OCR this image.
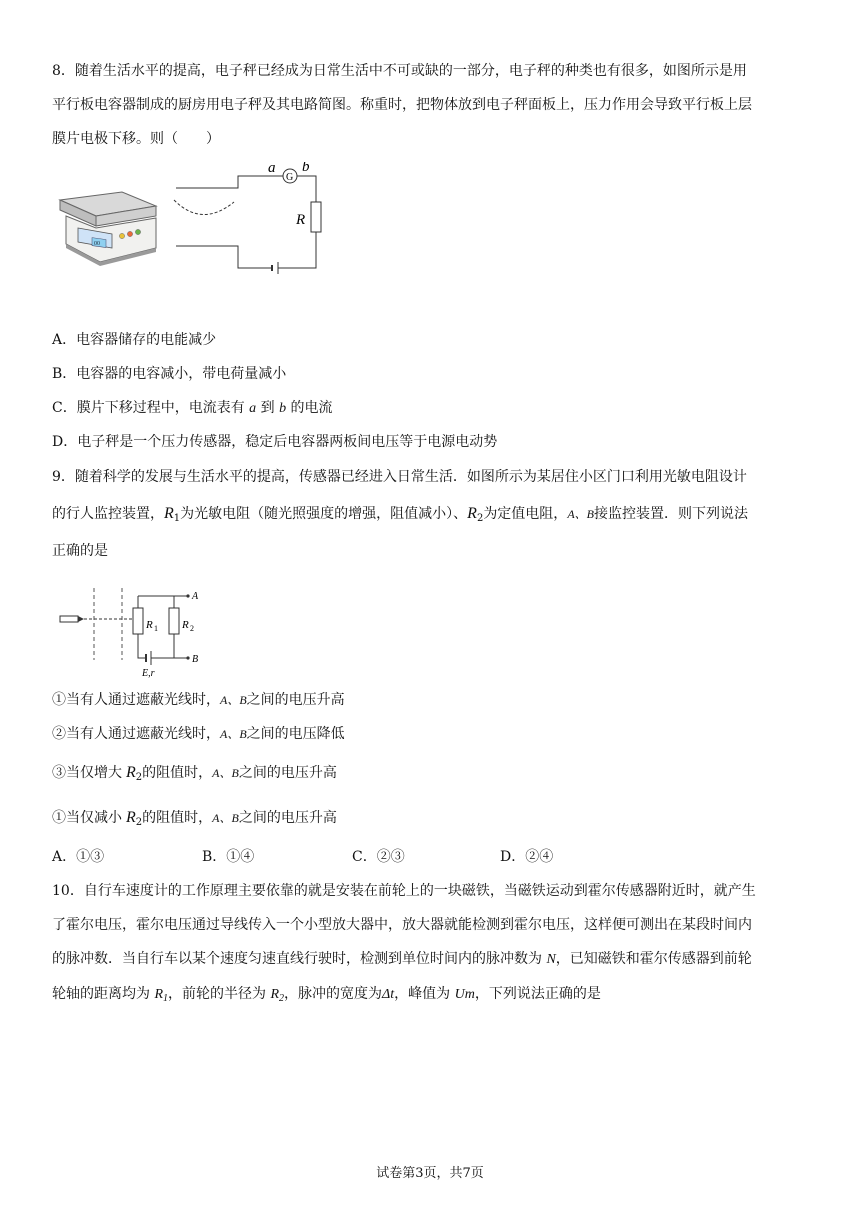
8．随着生活水平的提高，电子秤已经成为日常生活中不可或缺的一部分，电子秤的种类也有很多，如图所示是用
平行板电容器制成的厨房用电子秤及其电路简图。称重时，把物体放到电子秤面板上，压力作用会导致平行板上层
膜片电极下移。则（　　）
00
G
a b
R
A．电容器储存的电能减少
B．电容器的电容减小，带电荷量减小
C．膜片下移过程中，电流表有 a 到 b 的电流
D．电子秤是一个压力传感器，稳定后电容器两板间电压等于电源电动势
9．随着科学的发展与生活水平的提高，传感器已经进入日常生活．如图所示为某居住小区门口利用光敏电阻设计
的行人监控装置，$R_1$为光敏电阻（随光照强度的增强，阻值减小）、$R_2$为定值电阻，A、B接监控装置．则下列说法
正确的是
R 1 R 2
A
B
E,r
①当有人通过遮蔽光线时，A、B之间的电压升高
②当有人通过遮蔽光线时，A、B之间的电压降低
③当仅增大 $R_2$的阻值时，A、B之间的电压升高
①当仅减小 $R_2$的阻值时，A、B之间的电压升高
A．①③	B．①④	C．②③	D．②④
10．自行车速度计的工作原理主要依靠的就是安装在前轮上的一块磁铁，当磁铁运动到霍尔传感器附近时，就产生
了霍尔电压，霍尔电压通过导线传入一个小型放大器中，放大器就能检测到霍尔电压，这样便可测出在某段时间内
的脉冲数．当自行车以某个速度匀速直线行驶时，检测到单位时间内的脉冲数为 N，已知磁铁和霍尔传感器到前轮
轮轴的距离均为 $R_1$，前轮的半径为 $R_2$，脉冲的宽度为Δt，峰值为 Um，下列说法正确的是
试卷第3页，共7页
